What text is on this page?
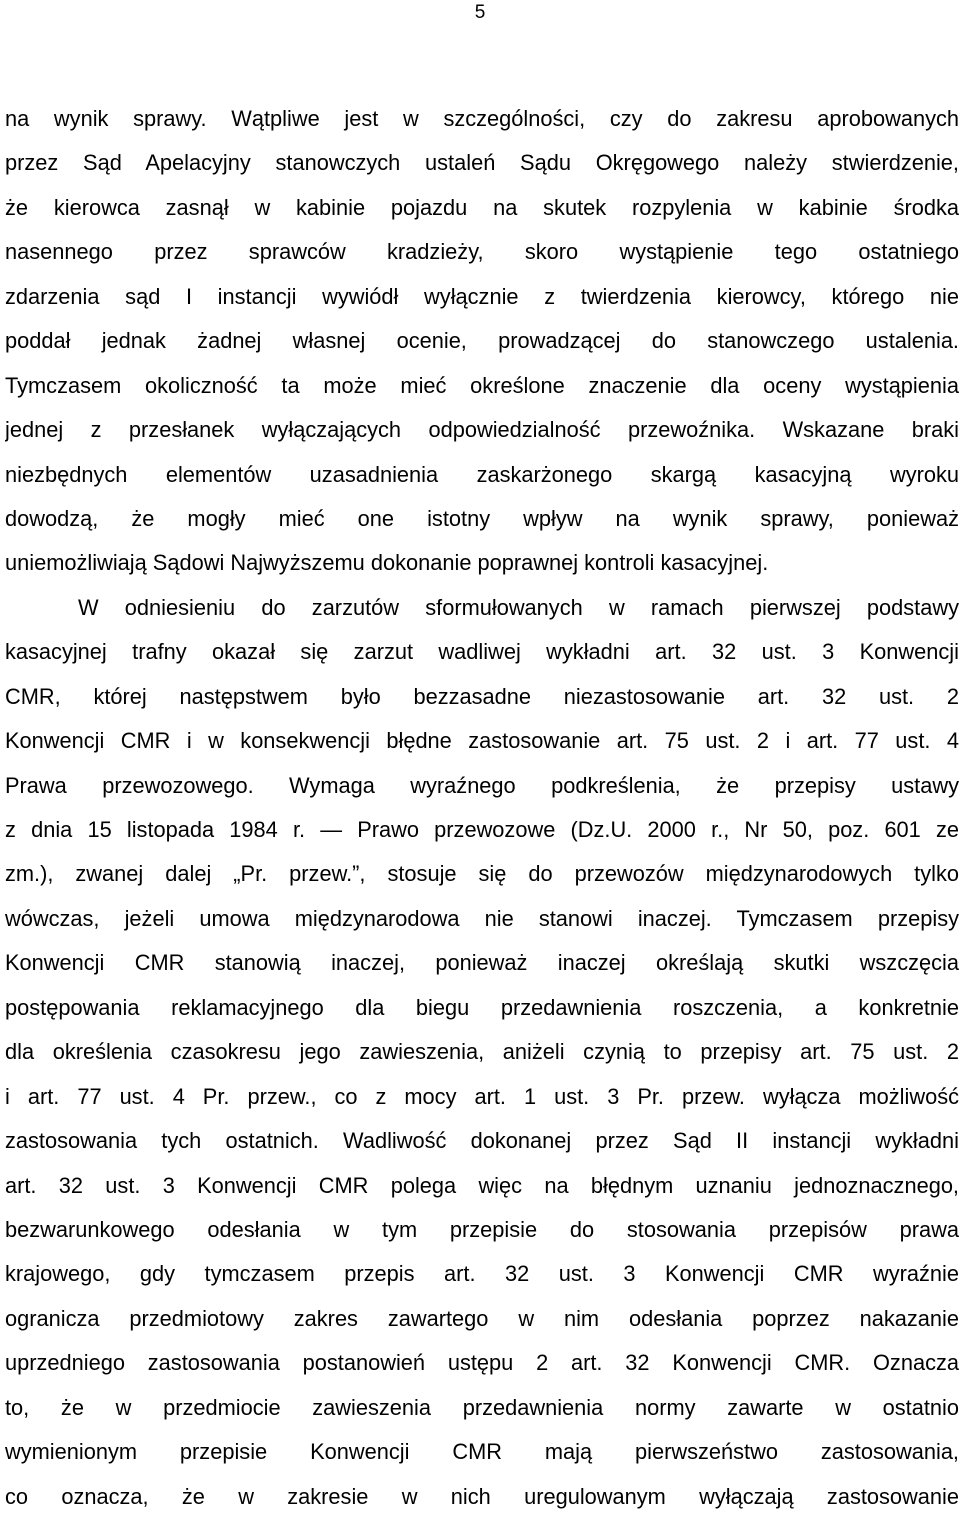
5
na wynik sprawy. Wątpliwe jest w szczególności, czy do zakresu aprobowanych
przez Sąd Apelacyjny stanowczych ustaleń Sądu Okręgowego należy stwierdzenie,
że kierowca zasnął w kabinie pojazdu na skutek rozpylenia w kabinie środka
nasennego przez sprawców kradzieży, skoro wystąpienie tego ostatniego
zdarzenia sąd I instancji wywiódł wyłącznie z twierdzenia kierowcy, którego nie
poddał jednak żadnej własnej ocenie, prowadzącej do stanowczego ustalenia.
Tymczasem okoliczność ta może mieć określone znaczenie dla oceny wystąpienia
jednej z przesłanek wyłączających odpowiedzialność przewoźnika. Wskazane braki
niezbędnych elementów uzasadnienia zaskarżonego skargą kasacyjną wyroku
dowodzą, że mogły mieć one istotny wpływ na wynik sprawy, ponieważ
uniemożliwiają Sądowi Najwyższemu dokonanie poprawnej kontroli kasacyjnej.
W odniesieniu do zarzutów sformułowanych w ramach pierwszej podstawy
kasacyjnej trafny okazał się zarzut wadliwej wykładni art. 32 ust. 3 Konwencji
CMR, której następstwem było bezzasadne niezastosowanie art. 32 ust. 2
Konwencji CMR i w konsekwencji błędne zastosowanie art. 75 ust. 2 i art. 77 ust. 4
Prawa przewozowego. Wymaga wyraźnego podkreślenia, że przepisy ustawy
z dnia 15 listopada 1984 r. — Prawo przewozowe (Dz.U. 2000 r., Nr 50, poz. 601 ze
zm.), zwanej dalej „Pr. przew.”, stosuje się do przewozów międzynarodowych tylko
wówczas, jeżeli umowa międzynarodowa nie stanowi inaczej. Tymczasem przepisy
Konwencji CMR stanowią inaczej, ponieważ inaczej określają skutki wszczęcia
postępowania reklamacyjnego dla biegu przedawnienia roszczenia, a konkretnie
dla określenia czasokresu jego zawieszenia, aniżeli czynią to przepisy art. 75 ust. 2
i art. 77 ust. 4 Pr. przew., co z mocy art. 1 ust. 3 Pr. przew. wyłącza możliwość
zastosowania tych ostatnich. Wadliwość dokonanej przez Sąd II instancji wykładni
art. 32 ust. 3 Konwencji CMR polega więc na błędnym uznaniu jednoznacznego,
bezwarunkowego odesłania w tym przepisie do stosowania przepisów prawa
krajowego, gdy tymczasem przepis art. 32 ust. 3 Konwencji CMR wyraźnie
ogranicza przedmiotowy zakres zawartego w nim odesłania poprzez nakazanie
uprzedniego zastosowania postanowień ustępu 2 art. 32 Konwencji CMR. Oznacza
to, że w przedmiocie zawieszenia przedawnienia normy zawarte w ostatnio
wymienionym przepisie Konwencji CMR mają pierwszeństwo zastosowania,
co oznacza, że w zakresie w nich uregulowanym wyłączają zastosowanie
